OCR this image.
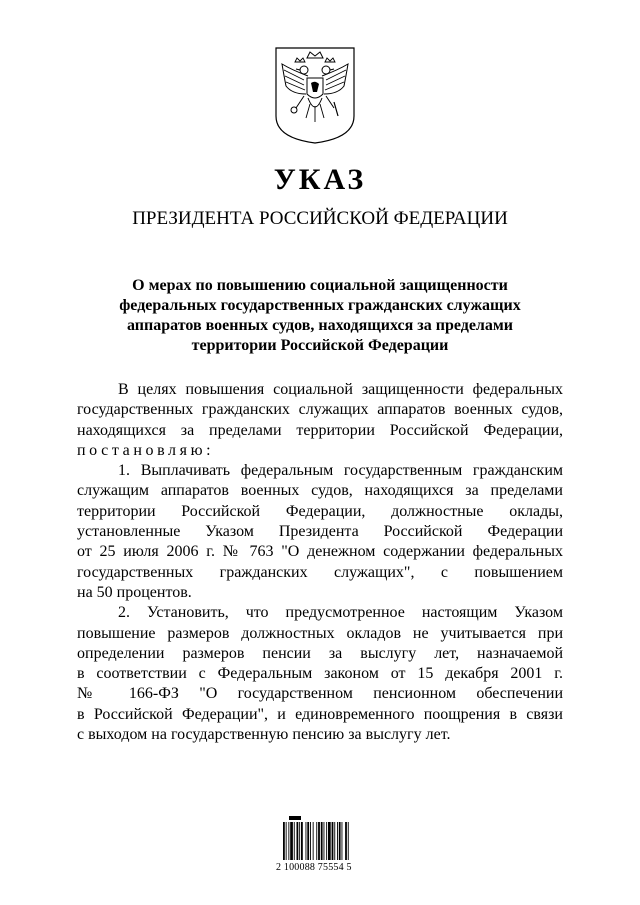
УКАЗ
ПРЕЗИДЕНТА РОССИЙСКОЙ ФЕДЕРАЦИИ
О мерах по повышению социальной защищенности
федеральных государственных гражданских служащих
аппаратов военных судов, находящихся за пределами
территории Российской Федерации
В целях повышения социальной защищенности федеральных
государственных гражданских служащих аппаратов военных судов,
находящихся за пределами территории Российской Федерации,
постановляю:
1. Выплачивать федеральным государственным гражданским
служащим аппаратов военных судов, находящихся за пределами
территории Российской Федерации, должностные оклады,
установленные Указом Президента Российской Федерации
от 25 июля 2006 г. № 763 "О денежном содержании федеральных
государственных гражданских служащих", с повышением
на 50 процентов.
2. Установить, что предусмотренное настоящим Указом
повышение размеров должностных окладов не учитывается при
определении размеров пенсии за выслугу лет, назначаемой
в соответствии с Федеральным законом от 15 декабря 2001 г.
№ 166-ФЗ "О государственном пенсионном обеспечении
в Российской Федерации", и единовременного поощрения в связи
с выходом на государственную пенсию за выслугу лет.
2 100088 75554 5
